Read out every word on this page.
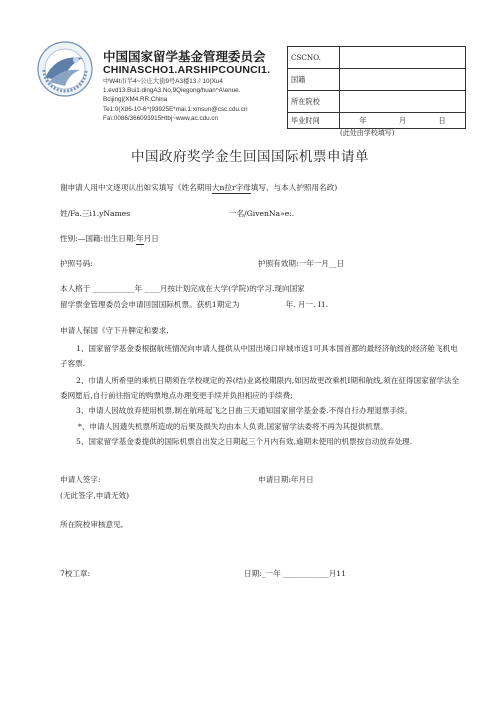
中国国家留学基金管理委员会
CHINASCHO1.ARSHIPCOUNCI1.
中W4t市半4~公庄大街9号A3楼13∥10(Xu4
1.evd13.Bui1.dingA3.No,9Qiegong/huan^A\enue.
Bcijing|(XM4.RR.China
Te1:0(X86-10-6^)93925E*mai.1:xmsun@csc.cdu.cn
Fa\:0086/366093915Htbj~www,ac.cdu.cn
CSCNO.	
国籍	
所在院校	
毕业时间	年 月 日
(此处由学校填写)
中国政府奖学金生回国国际机票申请单
谢申请人用中文逐项认出如实填写《姓名期用大n拉r字母填写、与本人护照用名政)
姓/Fa.三i1.yNames	一名/GivenNa»e:.
性别:—国籍:出生日期:年月日
护照号码:	护照有效期:一年一月__日
本人格于 ___________年 ____月按计划完成在大学(学院)的学习.现向国家
留学票金管理委员会申请回国国际机票。获机1期定为	年. 月一. I1.
申请人保国《守下升脾定和要求,
1、国家留学基金委根据航班情况向申请人提供从中国出境口岸城市返1可具本国首都的最经济航线的经济舱飞机电子客票.
2、巾请人所希里的乘机日期须在学校规定的养(结)业离校期限内,如因故更改乘机I期和航线,须在征得国家留学法全委网愿后,自行前往指定的购票地点办理变更手续并负担相应的手续费;
3、申请人因故放弃使用机票,制在航班起飞之日曲三天通知国家留学基金委.不得自行办理退票手续。
*、申请人因遗失机票所造成的后果及损失均由本人负责,国家留学法委将不再为其提供机票。
5、国家留学基金委提供的国际机票自出发之日期起三个月内有效,逾期未使用的机票按自动放弃处理.
申请人签字:	申请日期:年月日
(无此签字,申请无效)
所在院校审核意见,
7校工章:	日期:_一年 ____________月11
